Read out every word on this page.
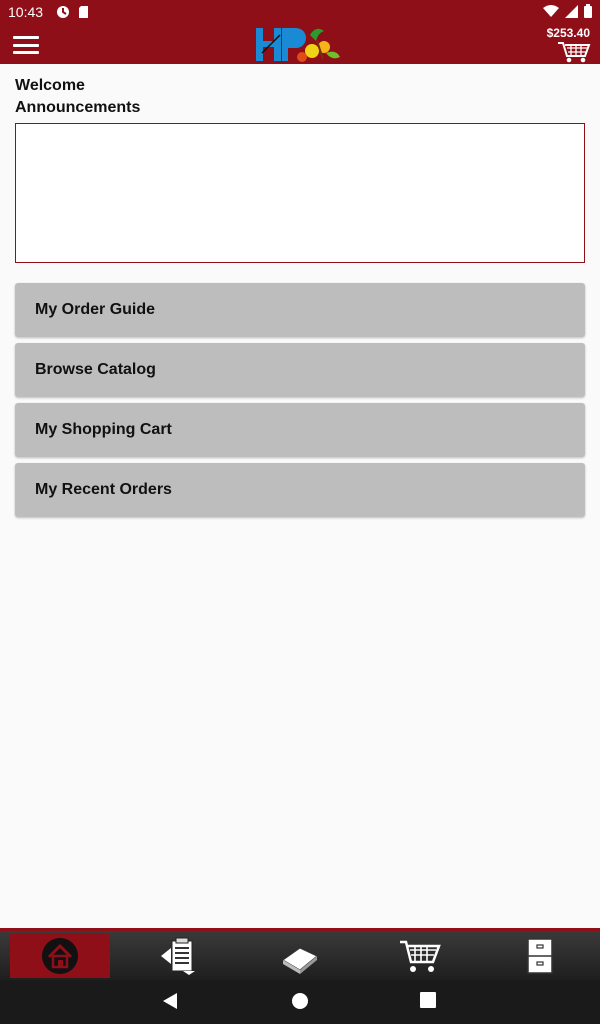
10:43
$253.40
Welcome
Announcements
My Order Guide
Browse Catalog
My Shopping Cart
My Recent Orders
